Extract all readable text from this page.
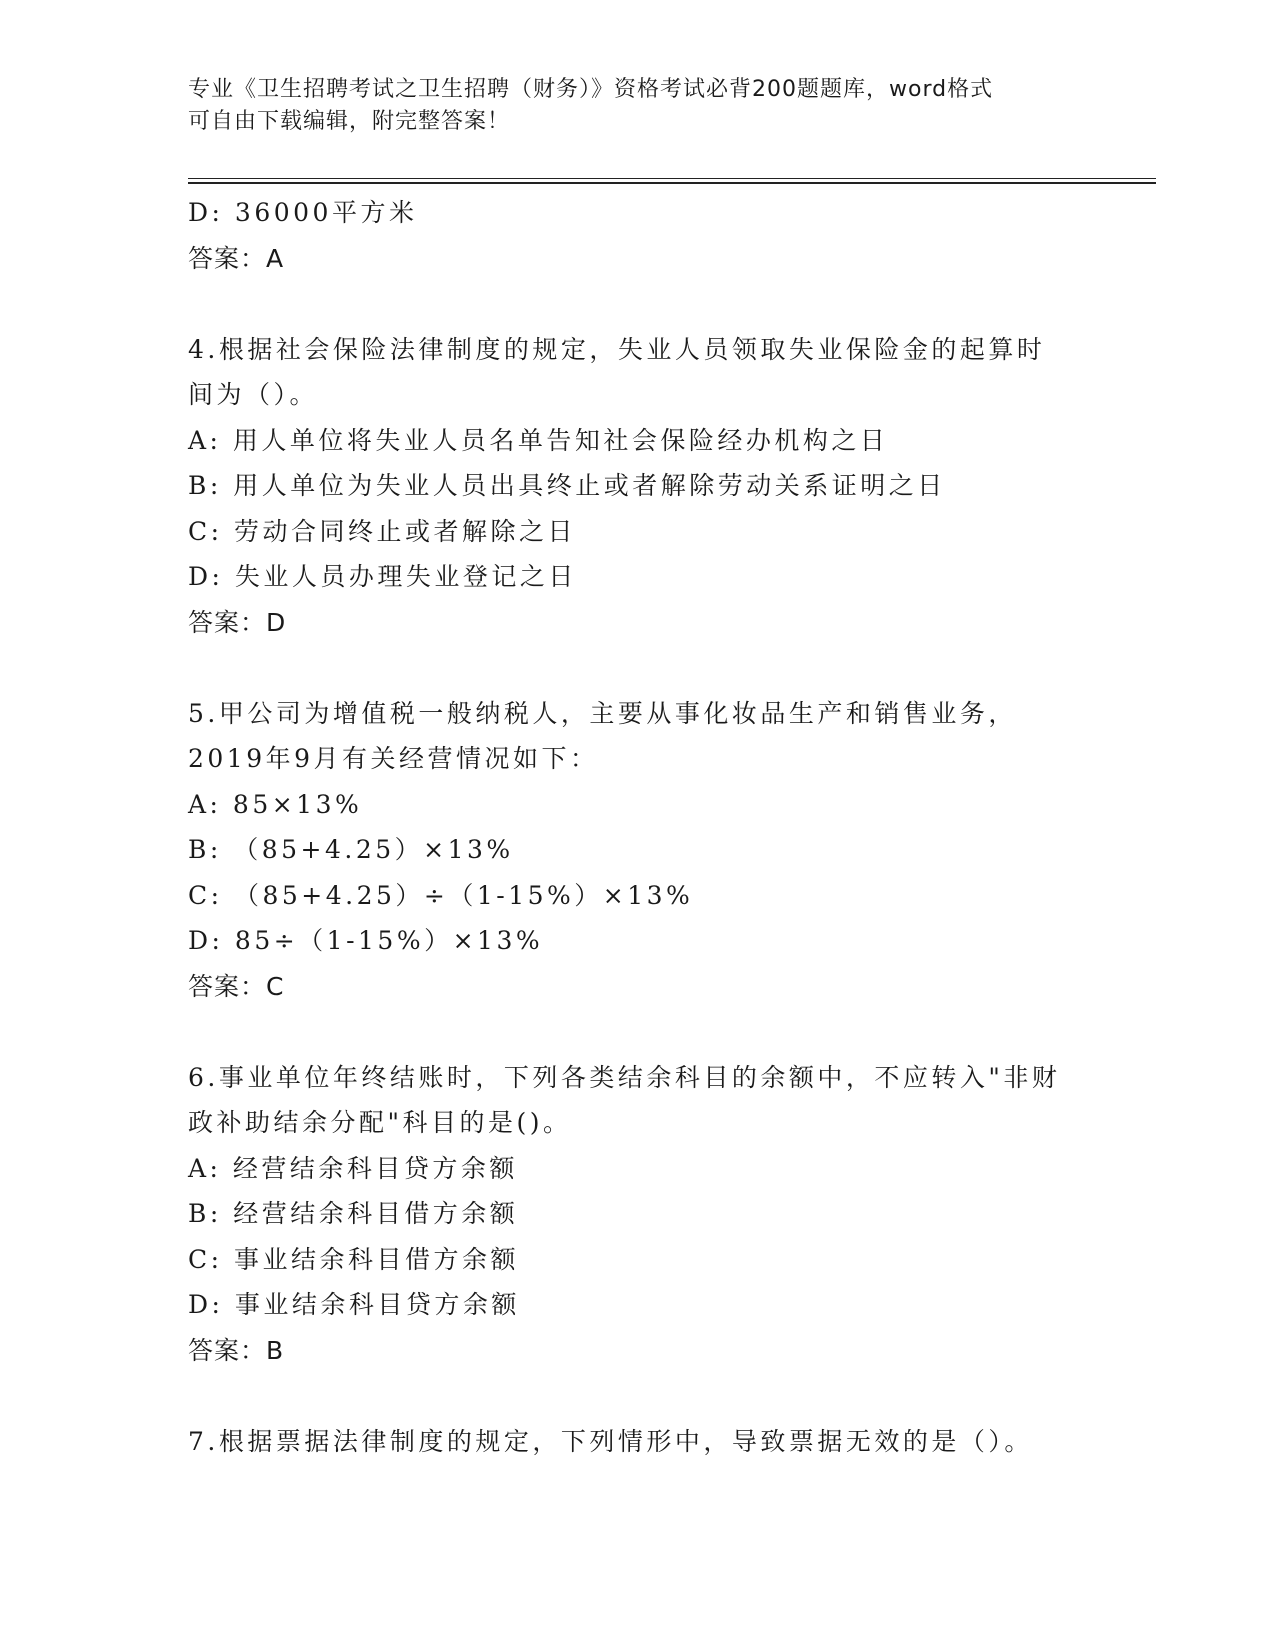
专业《卫生招聘考试之卫生招聘（财务）》资格考试必背200题题库，word格式
可自由下载编辑，附完整答案！
D: 36000平方米
答案：A
4.根据社会保险法律制度的规定，失业人员领取失业保险金的起算时
间为（）。
A: 用人单位将失业人员名单告知社会保险经办机构之日
B: 用人单位为失业人员出具终止或者解除劳动关系证明之日
C: 劳动合同终止或者解除之日
D: 失业人员办理失业登记之日
答案：D
5.甲公司为增值税一般纳税人，主要从事化妆品生产和销售业务，
2019年9月有关经营情况如下：
A: 85×13%
B: （85+4.25）×13%
C: （85+4.25）÷（1-15%）×13%
D: 85÷（1-15%）×13%
答案：C
6.事业单位年终结账时，下列各类结余科目的余额中，不应转入"非财
政补助结余分配"科目的是()。
A: 经营结余科目贷方余额
B: 经营结余科目借方余额
C: 事业结余科目借方余额
D: 事业结余科目贷方余额
答案：B
7.根据票据法律制度的规定，下列情形中，导致票据无效的是（）。
